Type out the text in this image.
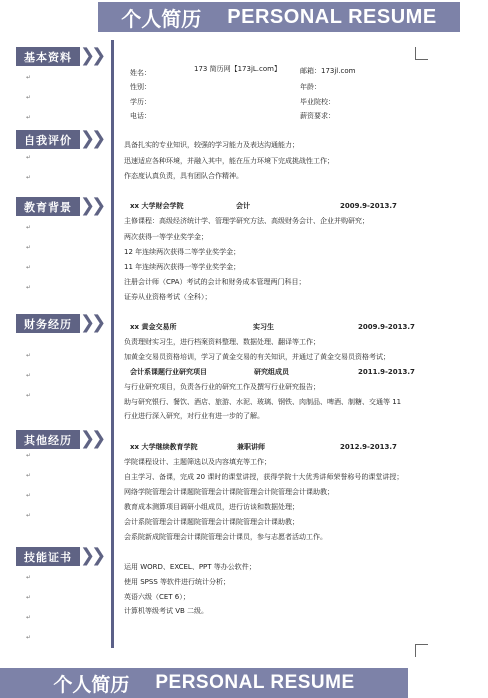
个人简历 PERSONAL RESUME
↵
↵
↵
↵
↵
↵
↵
↵
↵
↵
↵
↵
↵
↵
↵
↵
↵
↵
↵
↵
基本资料 ❯❯
自我评价 ❯❯
教育背景 ❯❯
财务经历 ❯❯
其他经历 ❯❯
技能证书 ❯❯
姓名：	173 简历网【173jL.com】	邮箱：173jl.com
性别：	年龄：
学历：	毕业院校：
电话：	薪资要求：
具备扎实的专业知识，较强的学习能力及表达沟通能力；
迅速适应各种环境，并融入其中，能在压力环境下完成挑战性工作；
作态度认真负责，具有团队合作精神。
xx 大学财会学院	会计	2009.9-2013.7
主修课程：高级经济统计学、管理学研究方法、高级财务会计、企业并购研究；
两次获得一等学业奖学金；
12 年连续两次获得二等学业奖学金；
11 年连续两次获得一等学业奖学金；
注册会计师（CPA）考试的会计和财务成本管理两门科目；
证券从业资格考试（全科）；
xx 黄金交易所	实习生	2009.9-2013.7
负责理财实习生，进行档案资料整理、数据处理、翻译等工作；
加黄金交易员资格培训，学习了黄金交易的有关知识，并通过了黄金交易员资格考试；
会计系课题行业研究项目	研究组成员	2011.9-2013.7
与行业研究项目，负责各行业的研究工作及撰写行业研究报告；
助与研究银行、餐饮、酒店、旅游、水泥、玻璃、钢铁、肉制品、啤酒、制糖、交通等 11
行业进行深入研究，对行业有进一步的了解。
xx 大学继续教育学院	兼职讲师	2012.9-2013.7
学院课程设计、主题筛选以及内容填充等工作；
自主学习、备课，完成 20 课时的课堂讲授，获得学院十大优秀讲师荣誉称号的课堂讲授；
网络学院管理会计课题院管理会计课院管理会计院管理会计课助教；
教育成本测算项目调研小组成员，进行访谈和数据处理；
会计系院管理会计课题院管理会计课院管理会计课助教；
会系院新成院管理会计课院管理会计课员，参与志愿者活动工作。
运用 WORD、EXCEL、PPT 等办公软件；
使用 SPSS 等软件进行统计分析；
英语六级（CET 6）；
计算机等级考试 VB 二级。
个人简历 PERSONAL RESUME
